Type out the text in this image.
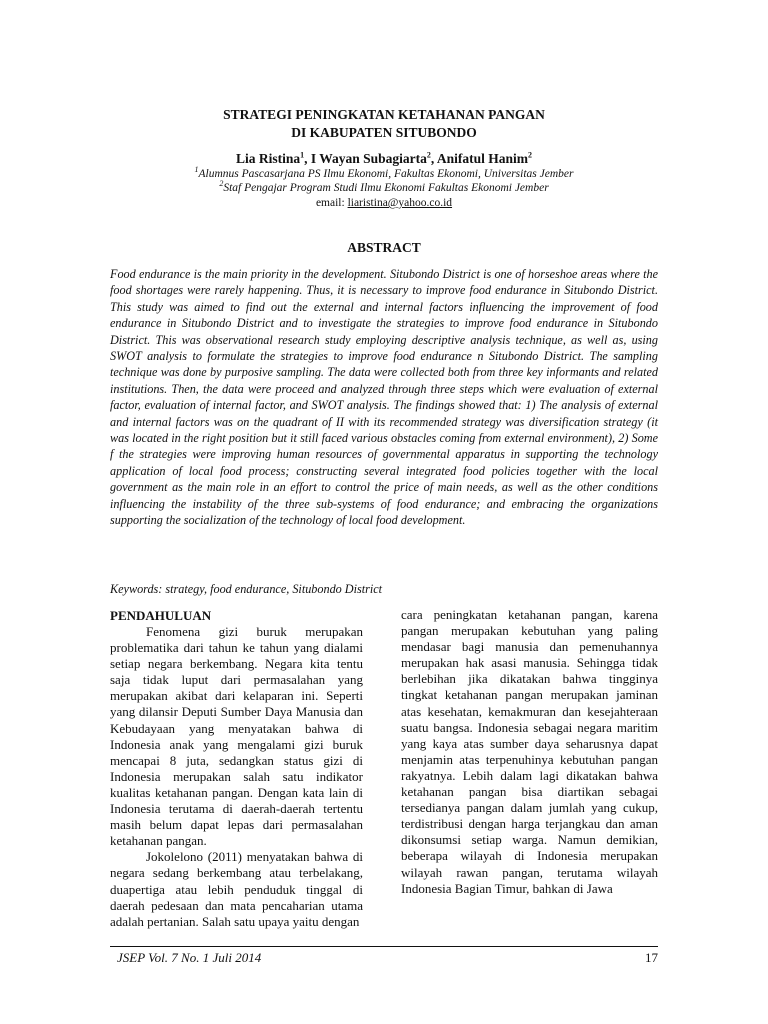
STRATEGI PENINGKATAN KETAHANAN PANGAN
DI KABUPATEN SITUBONDO
Lia Ristina$^1$, I Wayan Subagiarta$^2$, Anifatul Hanim$^2$
$^1$Alumnus Pascasarjana PS Ilmu Ekonomi, Fakultas Ekonomi, Universitas Jember
$^2$Staf Pengajar Program Studi Ilmu Ekonomi Fakultas Ekonomi Jember
email: liaristina@yahoo.co.id
ABSTRACT

Food endurance is the main priority in the development. Situbondo District is one of horseshoe areas where the food shortages were rarely happening. Thus, it is necessary to improve food endurance in Situbondo District. This study was aimed to find out the external and internal factors influencing the improvement of food endurance in Situbondo District and to investigate the strategies to improve food endurance in Situbondo District. This was observational research study employing descriptive analysis technique, as well as, using SWOT analysis to formulate the strategies to improve food endurance n Situbondo District. The sampling technique was done by purposive sampling. The data were collected both from three key informants and related institutions. Then, the data were proceed and analyzed through three steps which were evaluation of external factor, evaluation of internal factor, and SWOT analysis. The findings showed that: 1) The analysis of external and internal factors was on the quadrant of II with its recommended strategy was diversification strategy (it was located in the right position but it still faced various obstacles coming from external environment), 2) Some f the strategies were improving human resources of governmental apparatus in supporting the technology application of local food process; constructing several integrated food policies together with the local government as the main role in an effort to control the price of main needs, as well as the other conditions influencing the instability of the three sub-systems of food endurance; and embracing the organizations supporting the socialization of the technology of local food development.

Keywords: strategy, food endurance, Situbondo District

PENDAHULUAN

Fenomena gizi buruk merupakan problematika dari tahun ke tahun yang dialami setiap negara berkembang. Negara kita tentu saja tidak luput dari permasalahan yang merupakan akibat dari kelaparan ini. Seperti yang dilansir Deputi Sumber Daya Manusia dan Kebudayaan yang menyatakan bahwa di Indonesia anak yang mengalami gizi buruk mencapai 8 juta, sedangkan status gizi di Indonesia merupakan salah satu indikator kualitas ketahanan pangan. Dengan kata lain di Indonesia terutama di daerah-daerah tertentu masih belum dapat lepas dari permasalahan ketahanan pangan.

Jokolelono (2011) menyatakan bahwa di negara sedang berkembang atau terbelakang, duapertiga atau lebih penduduk tinggal di daerah pedesaan dan mata pencaharian utama adalah pertanian. Salah satu upaya yaitu dengan

cara peningkatan ketahanan pangan, karena pangan merupakan kebutuhan yang paling mendasar bagi manusia dan pemenuhannya merupakan hak asasi manusia. Sehingga tidak berlebihan jika dikatakan bahwa tingginya tingkat ketahanan pangan merupakan jaminan atas kesehatan, kemakmuran dan kesejahteraan suatu bangsa. Indonesia sebagai negara maritim yang kaya atas sumber daya seharusnya dapat menjamin atas terpenuhinya kebutuhan pangan rakyatnya. Lebih dalam lagi dikatakan bahwa ketahanan pangan bisa diartikan sebagai tersedianya pangan dalam jumlah yang cukup, terdistribusi dengan harga terjangkau dan aman dikonsumsi setiap warga. Namun demikian, beberapa wilayah di Indonesia merupakan wilayah rawan pangan, terutama wilayah Indonesia Bagian Timur, bahkan di Jawa

JSEP Vol. 7 No. 1 Juli 2014	17
